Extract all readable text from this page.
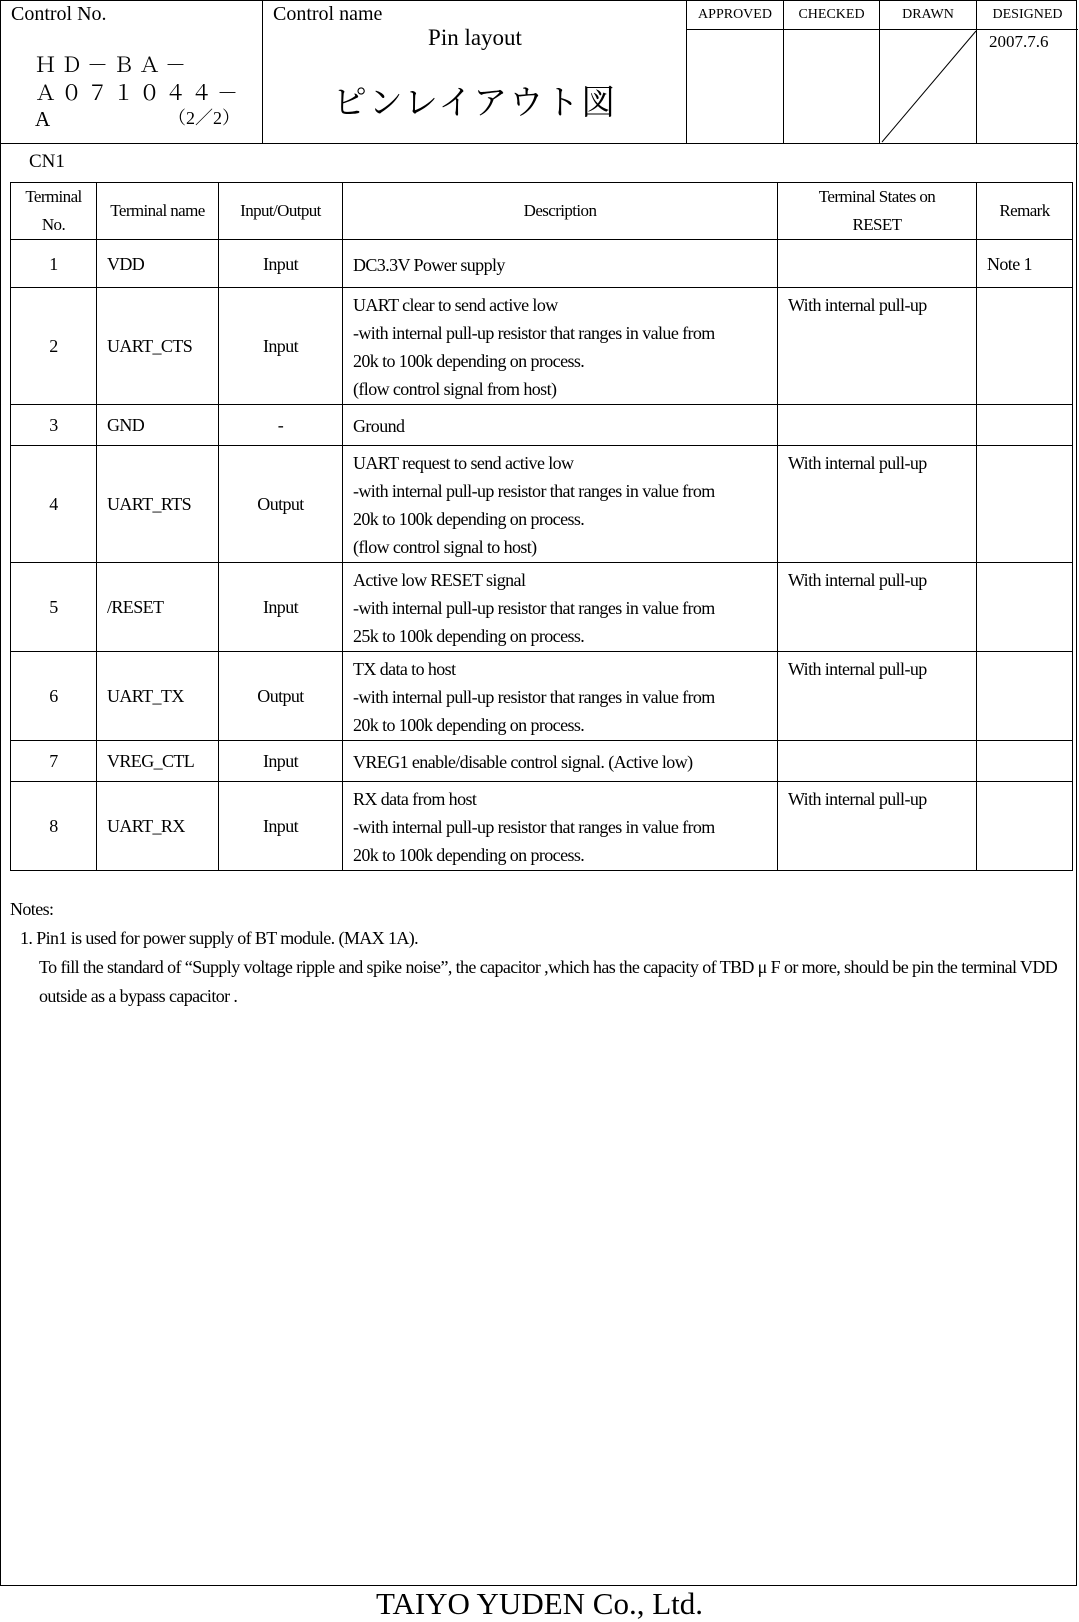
Control No.
ＨＤ－ＢＡ－
Ａ０７１０４４－A	（2／2）
Control name
Pin layout
ピンレイアウト図
APPROVED	CHECKED	DRAWN	DESIGNED
2007.7.6
CN1
Terminal
No.	Terminal name	Input/Output	Description	Terminal States on
RESET	Remark
1	VDD	Input	DC3.3V Power supply		Note 1
2	UART_CTS	Input	UART clear to send active low
-with internal pull-up resistor that ranges in value from
20k to 100k depending on process.
(flow control signal from host)	With internal pull-up	
3	GND	-	Ground		

4	UART_RTS	Output	UART request to send active low
-with internal pull-up resistor that ranges in value from
20k to 100k depending on process.
(flow control signal to host)	With internal pull-up	
5	/RESET	Input	Active low RESET signal
-with internal pull-up resistor that ranges in value from
25k to 100k depending on process.	With internal pull-up	
6	UART_TX	Output	TX data to host
-with internal pull-up resistor that ranges in value from
20k to 100k depending on process.	With internal pull-up	
7	VREG_CTL	Input	VREG1 enable/disable control signal. (Active low)		

8	UART_RX	Input	RX data from host
-with internal pull-up resistor that ranges in value from
20k to 100k depending on process.	With internal pull-up	
Notes:
1. Pin1 is used for power supply of BT module. (MAX 1A).
To fill the standard of “Supply voltage ripple and spike noise”, the capacitor ,which has the capacity of TBD μ F or more, should be pin the terminal VDD outside as a bypass capacitor .
TAIYO YUDEN Co., Ltd.
